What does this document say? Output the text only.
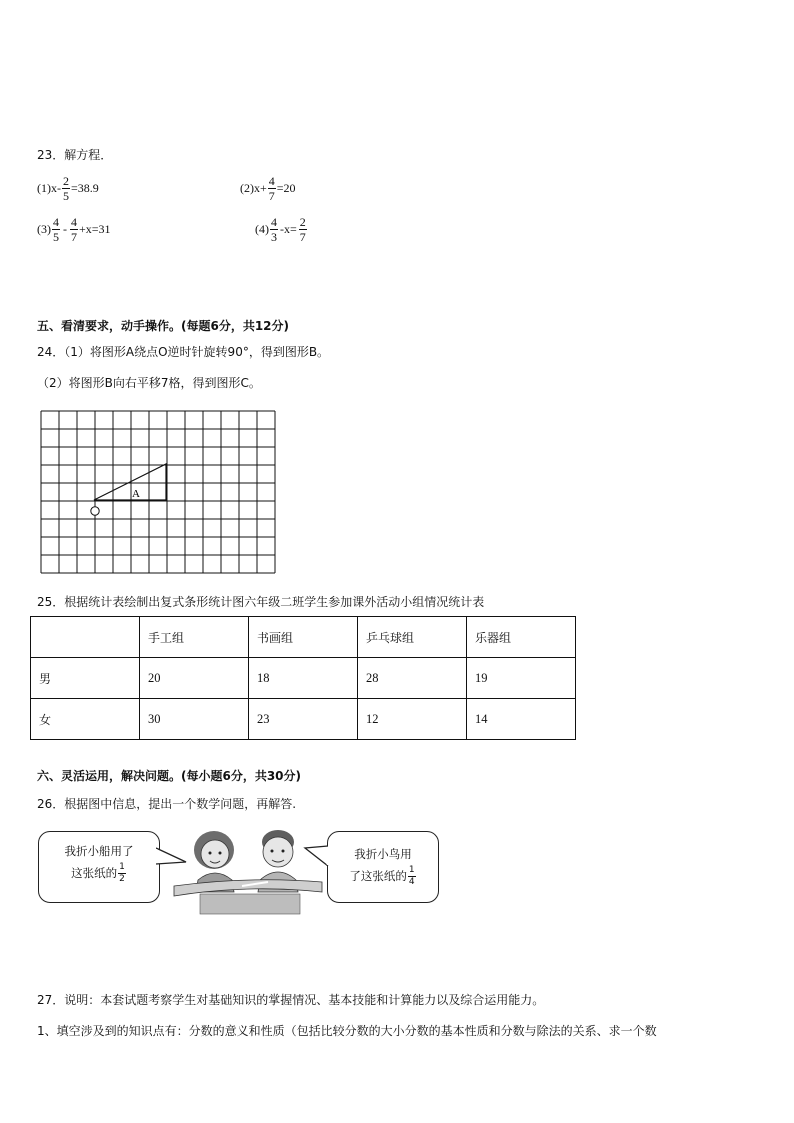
23．解方程．
$(1)x- \frac{2}{5} =38.9$	$(2)x+ \frac{4}{7} =20$
$(3) \frac{4}{5} - \frac{4}{7} +x=31$	$(4) \frac{4}{3} -x= \frac{2}{7}$
五、看清要求，动手操作。(每题6分，共12分)
24．（1）将图形A绕点O逆时针旋转90°，得到图形B。
（2）将图形B向右平移7格，得到图形C。
A
25．根据统计表绘制出复式条形统计图六年级二班学生参加课外活动小组情况统计表
	手工组	书画组	乒乓球组	乐器组
男	20	18	28	19
女	30	23	12	14
六、灵活运用，解决问题。(每小题6分，共30分)
26．根据图中信息，提出一个数学问题，再解答.
我折小船用了
这张纸的 $\frac{1}{2}$
我折小鸟用
了这张纸的 $\frac{1}{4}$
27．说明：本套试题考察学生对基础知识的掌握情况、基本技能和计算能力以及综合运用能力。
1、填空涉及到的知识点有：分数的意义和性质（包括比较分数的大小分数的基本性质和分数与除法的关系、求一个数
